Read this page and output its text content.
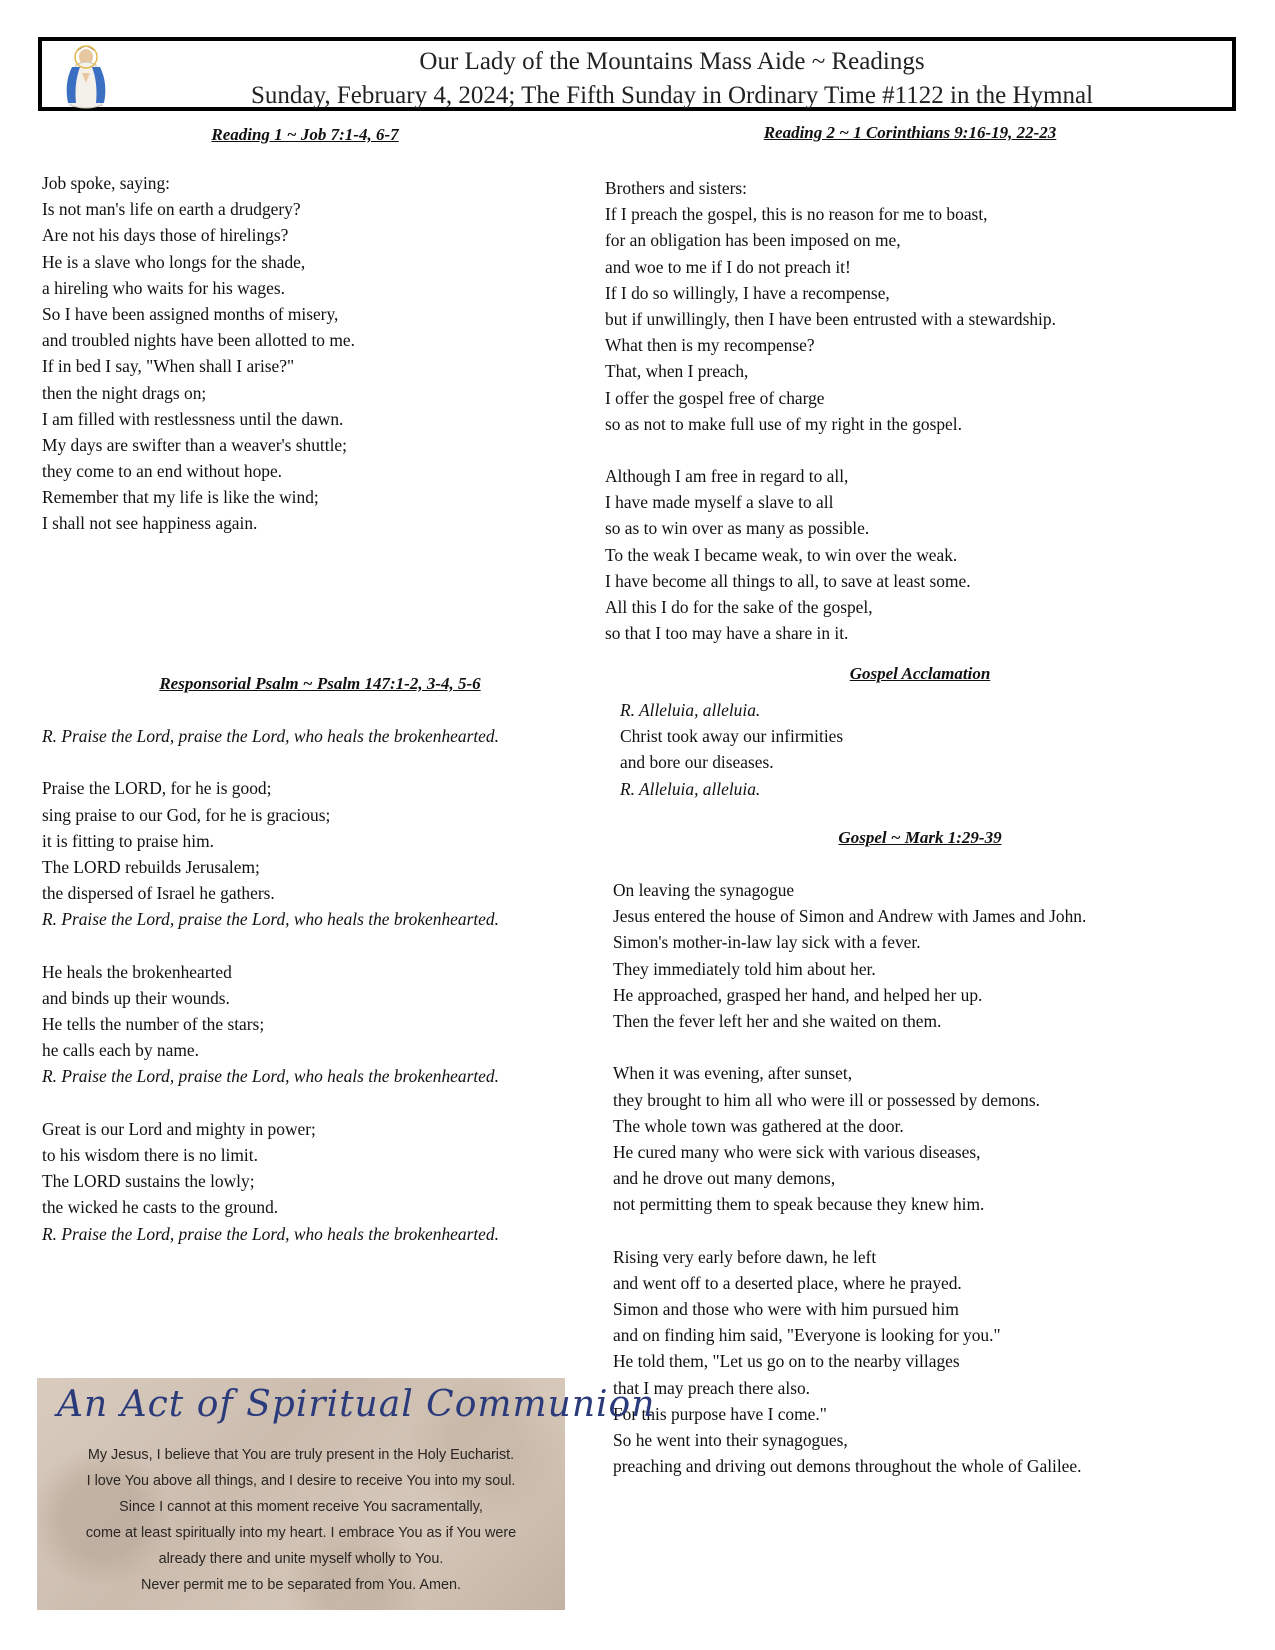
Our Lady of the Mountains Mass Aide ~ Readings
Sunday, February 4, 2024; The Fifth Sunday in Ordinary Time #1122 in the Hymnal
Reading 1 ~ Job 7:1-4, 6-7
Job spoke, saying:
Is not man's life on earth a drudgery?
Are not his days those of hirelings?
He is a slave who longs for the shade,
a hireling who waits for his wages.
So I have been assigned months of misery,
and troubled nights have been allotted to me.
If in bed I say, "When shall I arise?"
then the night drags on;
I am filled with restlessness until the dawn.
My days are swifter than a weaver's shuttle;
they come to an end without hope.
Remember that my life is like the wind;
I shall not see happiness again.
Reading 2 ~ 1 Corinthians 9:16-19, 22-23
Brothers and sisters:
If I preach the gospel, this is no reason for me to boast,
for an obligation has been imposed on me,
and woe to me if I do not preach it!
If I do so willingly, I have a recompense,
but if unwillingly, then I have been entrusted with a stewardship.
What then is my recompense?
That, when I preach,
I offer the gospel free of charge
so as not to make full use of my right in the gospel.
Although I am free in regard to all,
I have made myself a slave to all
so as to win over as many as possible.
To the weak I became weak, to win over the weak.
I have become all things to all, to save at least some.
All this I do for the sake of the gospel,
so that I too may have a share in it.
Responsorial Psalm ~ Psalm 147:1-2, 3-4, 5-6
R. Praise the Lord, praise the Lord, who heals the brokenhearted.
Praise the LORD, for he is good;
sing praise to our God, for he is gracious;
it is fitting to praise him.
The LORD rebuilds Jerusalem;
the dispersed of Israel he gathers.
R. Praise the Lord, praise the Lord, who heals the brokenhearted.
He heals the brokenhearted
and binds up their wounds.
He tells the number of the stars;
he calls each by name.
R. Praise the Lord, praise the Lord, who heals the brokenhearted.
Great is our Lord and mighty in power;
to his wisdom there is no limit.
The LORD sustains the lowly;
the wicked he casts to the ground.
R. Praise the Lord, praise the Lord, who heals the brokenhearted.
Gospel Acclamation
R. Alleluia, alleluia.
Christ took away our infirmities
and bore our diseases.
R. Alleluia, alleluia.
Gospel ~ Mark 1:29-39
On leaving the synagogue
Jesus entered the house of Simon and Andrew with James and John.
Simon's mother-in-law lay sick with a fever.
They immediately told him about her.
He approached, grasped her hand, and helped her up.
Then the fever left her and she waited on them.
When it was evening, after sunset,
they brought to him all who were ill or possessed by demons.
The whole town was gathered at the door.
He cured many who were sick with various diseases,
and he drove out many demons,
not permitting them to speak because they knew him.
Rising very early before dawn, he left
and went off to a deserted place, where he prayed.
Simon and those who were with him pursued him
and on finding him said, "Everyone is looking for you."
He told them, "Let us go on to the nearby villages
that I may preach there also.
For this purpose have I come."
So he went into their synagogues,
preaching and driving out demons throughout the whole of Galilee.
An Act of Spiritual Communion
My Jesus, I believe that You are truly present in the Holy Eucharist.
I love You above all things, and I desire to receive You into my soul.
Since I cannot at this moment receive You sacramentally,
come at least spiritually into my heart. I embrace You as if You were
already there and unite myself wholly to You.
Never permit me to be separated from You. Amen.
